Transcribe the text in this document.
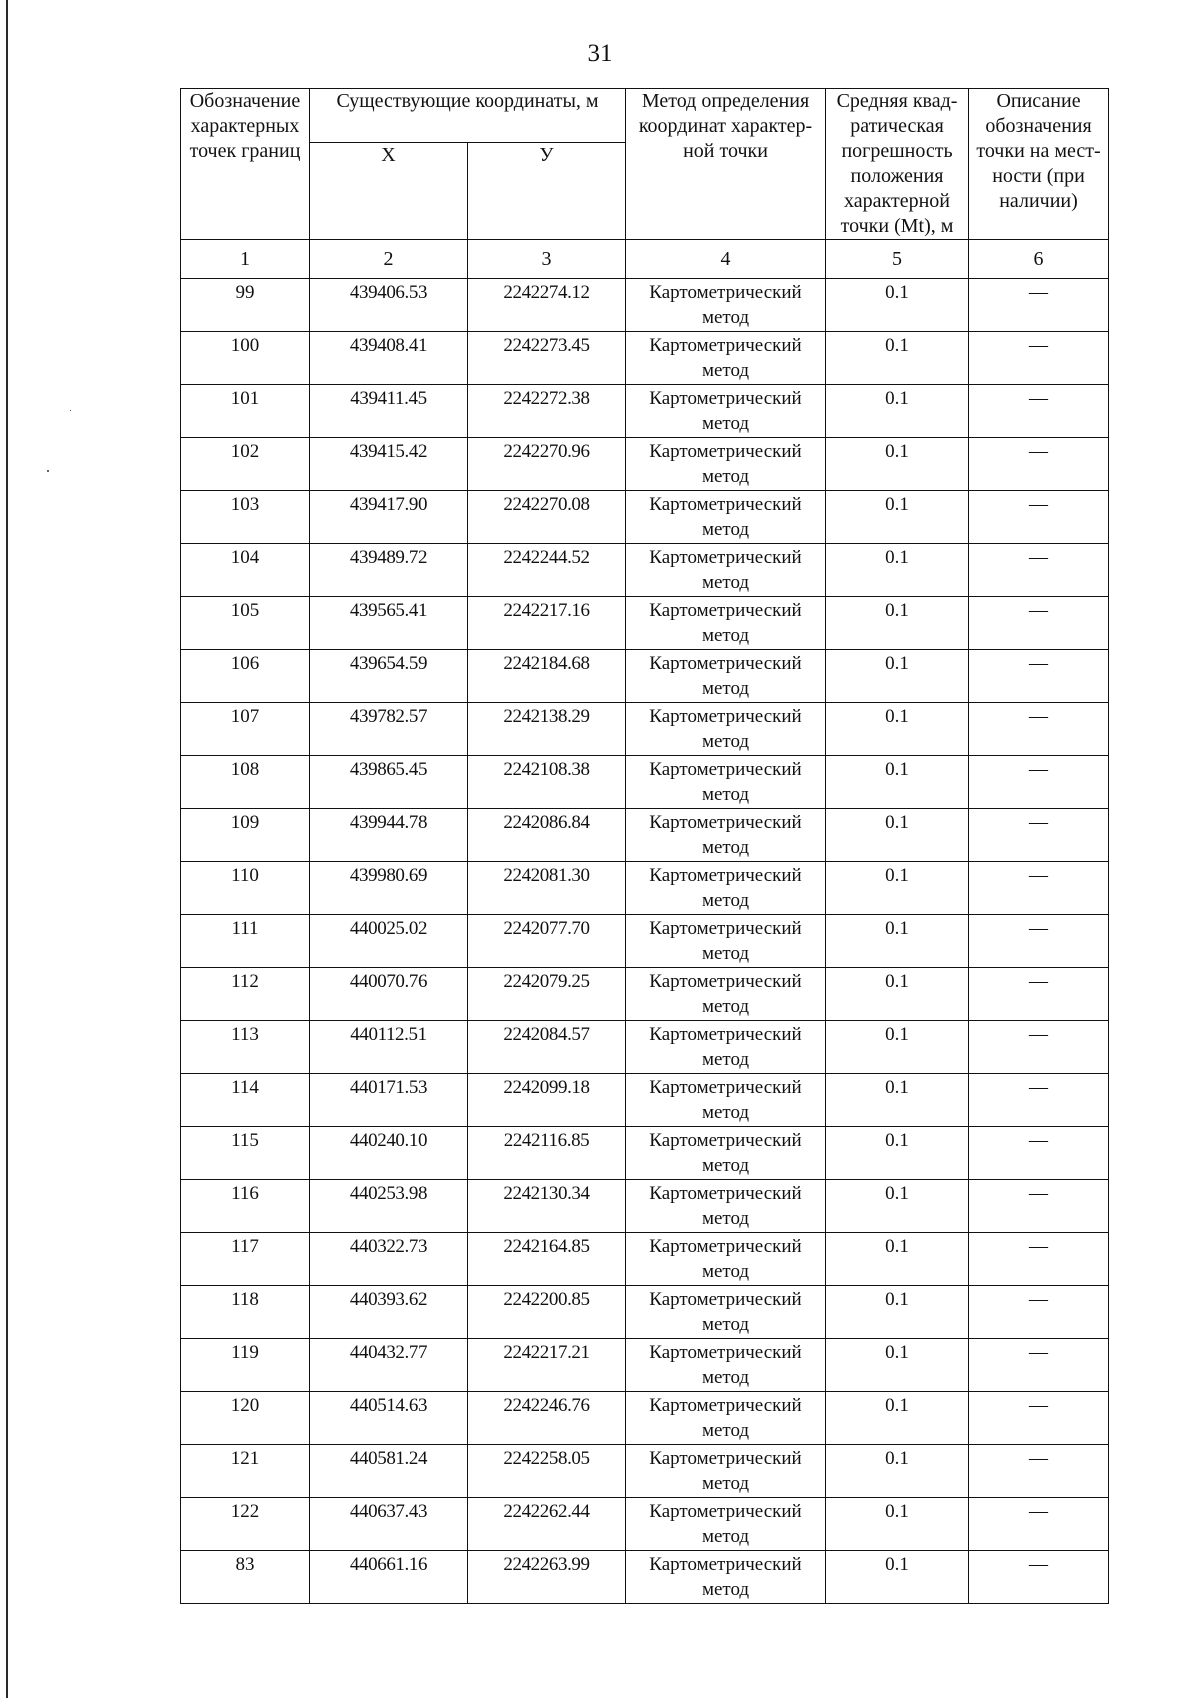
31
Обозначение характерных точек границ	Существующие координаты, м		Метод определения координат характер-ной точки	Средняя квад-ратическая погрешность положения характерной точки (Mt), м	Описание обозначения точки на мест-ности (при наличии)
	X	У			
1	2	3	4	5	6
99	439406.53	2242274.12	Картометрический метод	0.1	—
100	439408.41	2242273.45	Картометрический метод	0.1	—
101	439411.45	2242272.38	Картометрический метод	0.1	—
102	439415.42	2242270.96	Картометрический метод	0.1	—
103	439417.90	2242270.08	Картометрический метод	0.1	—
104	439489.72	2242244.52	Картометрический метод	0.1	—
105	439565.41	2242217.16	Картометрический метод	0.1	—
106	439654.59	2242184.68	Картометрический метод	0.1	—
107	439782.57	2242138.29	Картометрический метод	0.1	—
108	439865.45	2242108.38	Картометрический метод	0.1	—
109	439944.78	2242086.84	Картометрический метод	0.1	—
110	439980.69	2242081.30	Картометрический метод	0.1	—
111	440025.02	2242077.70	Картометрический метод	0.1	—
112	440070.76	2242079.25	Картометрический метод	0.1	—
113	440112.51	2242084.57	Картометрический метод	0.1	—
114	440171.53	2242099.18	Картометрический метод	0.1	—
115	440240.10	2242116.85	Картометрический метод	0.1	—
116	440253.98	2242130.34	Картометрический метод	0.1	—
117	440322.73	2242164.85	Картометрический метод	0.1	—
118	440393.62	2242200.85	Картометрический метод	0.1	—
119	440432.77	2242217.21	Картометрический метод	0.1	—
120	440514.63	2242246.76	Картометрический метод	0.1	—
121	440581.24	2242258.05	Картометрический метод	0.1	—
122	440637.43	2242262.44	Картометрический метод	0.1	—
83	440661.16	2242263.99	Картометрический метод	0.1	—
